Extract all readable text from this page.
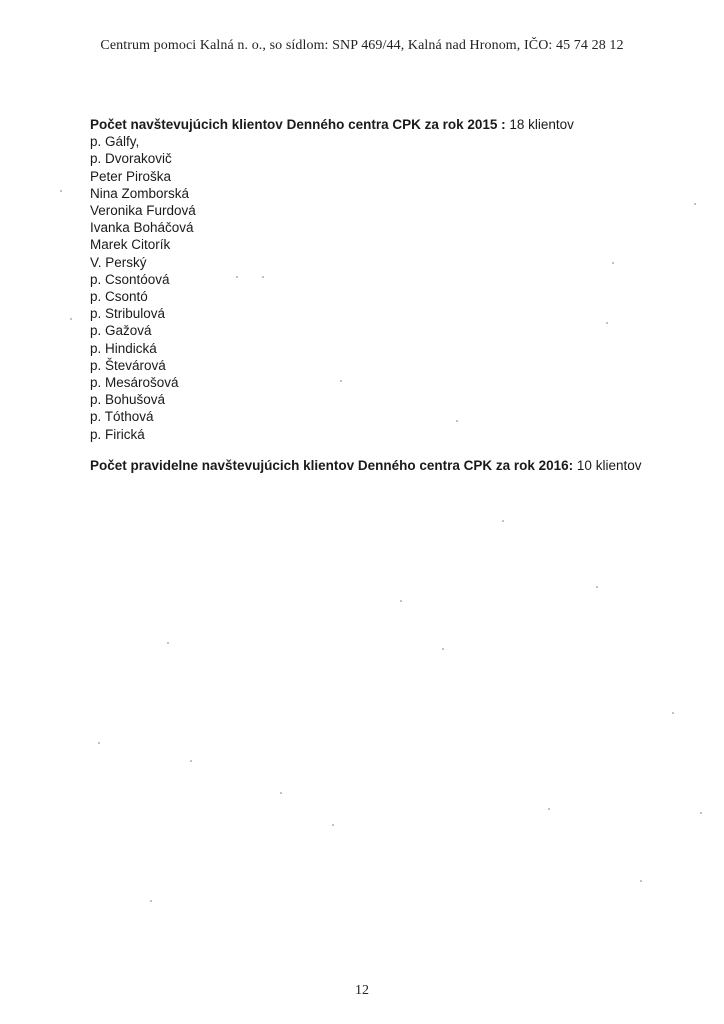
Centrum pomoci Kalná n. o., so sídlom: SNP 469/44, Kalná nad Hronom, IČO: 45 74 28 12

Počet navštevujúcich klientov Denného centra CPK za rok 2015 : 18 klientov

p. Gálfy,
p. Dvorakovič
Peter Piroška
Nina Zomborská
Veronika Furdová
Ivanka Boháčová
Marek Citorík
V. Perský
p. Csontóová
p. Csontó
p. Stribulová
p. Gažová
p. Hindická
p. Števárová
p. Mesárošová
p. Bohušová
p. Tóthová
p. Firická

Počet pravidelne navštevujúcich klientov Denného centra CPK za rok 2016: 10 klientov

12
